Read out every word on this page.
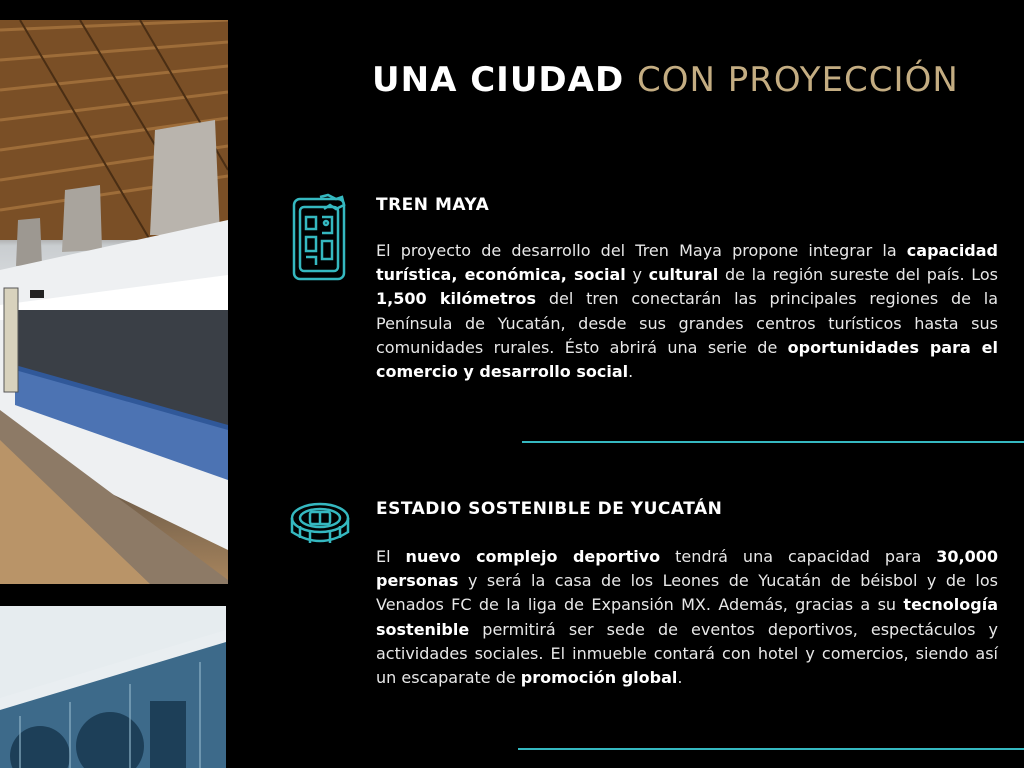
UNA CIUDAD CON PROYECCIÓN
TREN MAYA

El proyecto de desarrollo del Tren Maya propone integrar la capacidad turística, económica, social y cultural de la región sureste del país. Los 1,500 kilómetros del tren conectarán las principales regiones de la Península de Yucatán, desde sus grandes centros turísticos hasta sus comunidades rurales. Ésto abrirá una serie de oportunidades para el comercio y desarrollo social.

ESTADIO SOSTENIBLE DE YUCATÁN

El nuevo complejo deportivo tendrá una capacidad para 30,000 personas y será la casa de los Leones de Yucatán de béisbol y de los Venados FC de la liga de Expansión MX. Además, gracias a su tecnología sostenible permitirá ser sede de eventos deportivos, espectáculos y actividades sociales. El inmueble contará con hotel y comercios, siendo así un escaparate de promoción global.
